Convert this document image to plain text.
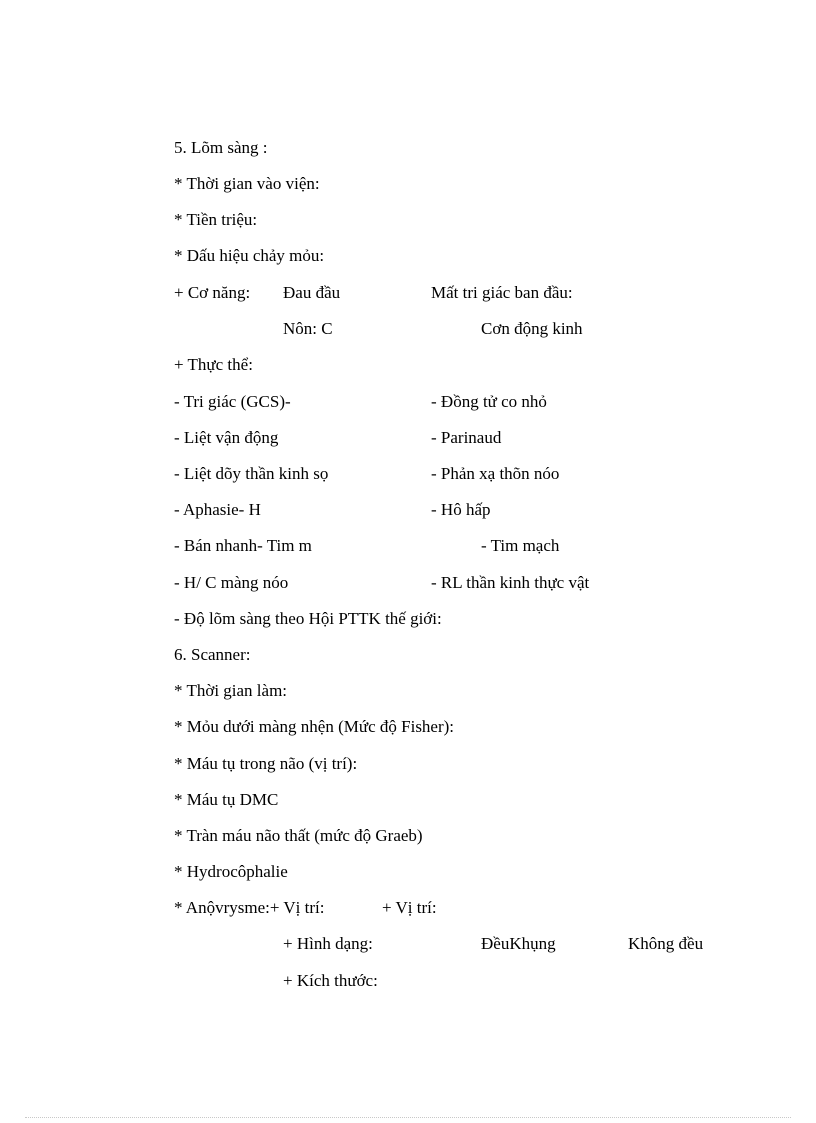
5. Lõm sàng :
* Thời gian vào viện:
* Tiền triệu:
* Dấu hiệu chảy mỏu:
+ Cơ năng: Đau đầu	Mất tri giác ban đầu:
Nôn: C	Cơn động kinh
+ Thực thể:
- Tri giác (GCS)-	- Đồng tử co nhỏ
- Liệt vận động	- Parinaud
- Liệt dõy thần kinh sọ	- Phản xạ thõn nóo
- Aphasie- H	- Hô hấp
- Bán nhanh- Tim m	- Tim mạch
- H/ C màng nóo	- RL thần kinh thực vật
- Độ lõm sàng theo Hội PTTK thế giới:
6. Scanner:
* Thời gian làm:
* Mỏu dưới màng nhện (Mức độ Fisher):
* Máu tụ trong não (vị trí):
* Máu tụ DMC
* Tràn máu não thất (mức độ Graeb)
* Hydrocôphalie
* Anộvrysme:+ Vị trí:	+ Vị trí:
+ Hình dạng:	ĐềuKhụng	Không đều
+ Kích thước:
